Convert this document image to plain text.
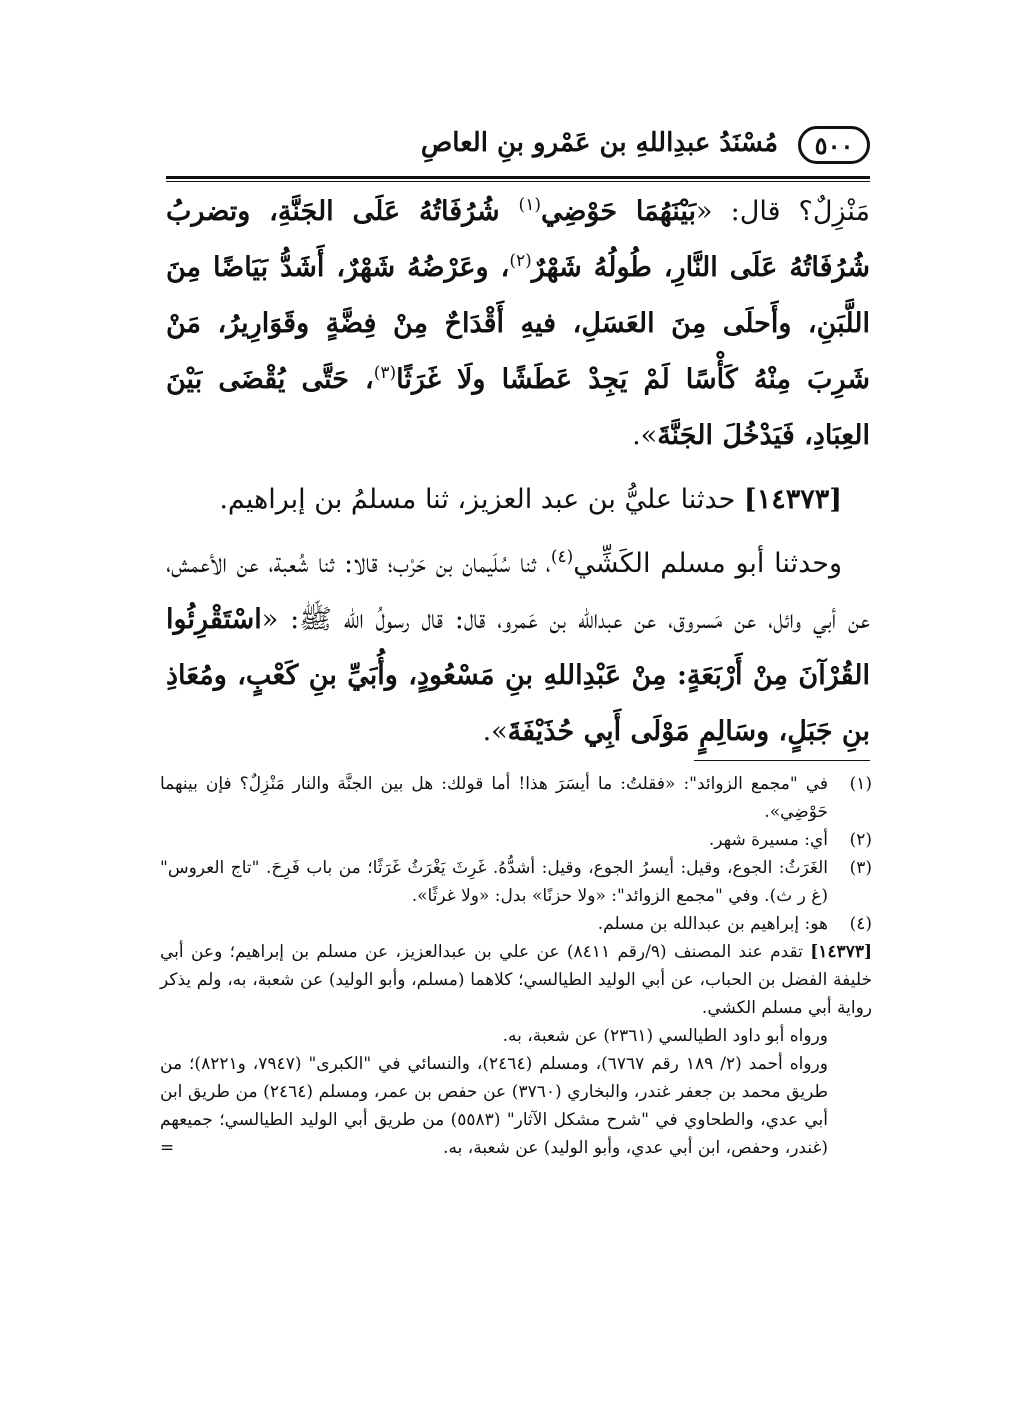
٥٠٠
مُسْنَدُ عبدِاللهِ بن عَمْرو بنِ العاصِ

مَنْزِلٌ؟ قال: «بَيْنَهُمَا حَوْضِي$^{(١)}$ شُرُفَاتُهُ عَلَى الجَنَّةِ، وتضربُ شُرُفَاتُهُ عَلَى النَّارِ، طُولُهُ شَهْرٌ$^{(٢)}$، وعَرْضُهُ شَهْرٌ، أَشَدُّ بَيَاضًا مِنَ اللَّبَنِ، وأَحلَى مِنَ العَسَلِ، فيهِ أَقْدَاحٌ مِنْ فِضَّةٍ وقَوَارِيرُ، مَنْ شَرِبَ مِنْهُ كَأْسًا لَمْ يَجِدْ عَطَشًا ولَا غَرَثًا$^{(٣)}$، حَتَّى يُقْضَى بَيْنَ العِبَادِ، فَيَدْخُلَ الجَنَّةَ».

[١٤٣٧٣] حدثنا عليُّ بن عبد العزيز، ثنا مسلمُ بن إبراهيم.

وحدثنا أبو مسلم الكَشِّي$^{(٤)}$، ثنا سُلَيمان بن حَرْب؛ قالا: ثنا شُعبة، عن الأعمش، عن أبي وائل، عن مَسروق، عن عبدالله بن عَمرو، قال: قال رسولُ الله ﷺ: «اسْتَقْرِئُوا القُرْآنَ مِنْ أَرْبَعَةٍ: مِنْ عَبْدِاللهِ بنِ مَسْعُودٍ، وأُبَيِّ بنِ كَعْبٍ، ومُعَاذِ بنِ جَبَلٍ، وسَالِمٍ مَوْلَى أَبِي حُذَيْفَةَ».

(١)
في "مجمع الزوائد": «فقلتُ: ما أيسَرَ هذا! أما قولك: هل بين الجنَّة والنار مَنْزِلٌ؟ فإن بينهما حَوْضِي».
(٢)
أي: مسيرة شهر.
(٣)
الغَرَثُ: الجوع، وقيل: أيسرُ الجوع، وقيل: أشدُّهُ. غَرِثَ يَغْرَثُ غَرَثًا؛ من باب فَرِحَ. "تاج العروس" (غ ر ث). وفي "مجمع الزوائد": «ولا حزنًا» بدل: «ولا غرثًا».
(٤)
هو: إبراهيم بن عبدالله بن مسلم.
[١٤٣٧٣] تقدم عند المصنف (٩/رقم ٨٤١١) عن علي بن عبدالعزيز، عن مسلم بن إبراهيم؛ وعن أبي خليفة الفضل بن الحباب، عن أبي الوليد الطيالسي؛ كلاهما (مسلم، وأبو الوليد) عن شعبة، به، ولم يذكر رواية أبي مسلم الكشي.
ورواه أبو داود الطيالسي (٢٣٦١) عن شعبة، به.
ورواه أحمد (٢/ ١٨٩ رقم ٦٧٦٧)، ومسلم (٢٤٦٤)، والنسائي في "الكبرى" (٧٩٤٧، و٨٢٢١)؛ من طريق محمد بن جعفر غندر، والبخاري (٣٧٦٠) عن حفص بن عمر، ومسلم (٢٤٦٤) من طريق ابن أبي عدي، والطحاوي في "شرح مشكل الآثار" (٥٥٨٣) من طريق أبي الوليد الطيالسي؛ جميعهم (غندر، وحفص، ابن أبي عدي، وأبو الوليد) عن شعبة، به.
=
